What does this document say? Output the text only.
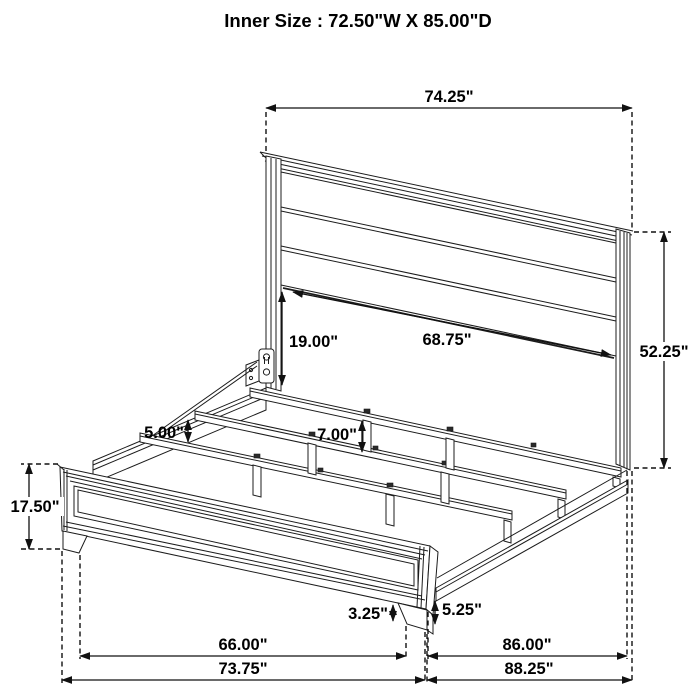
Inner Size : 72.50"W X 85.00"D
74.25"
52.25"
68.75"
19.00"
5.00"	7.00"
17.50"
3.25"	5.25"
66.00"	86.00"
73.75"	88.25"
